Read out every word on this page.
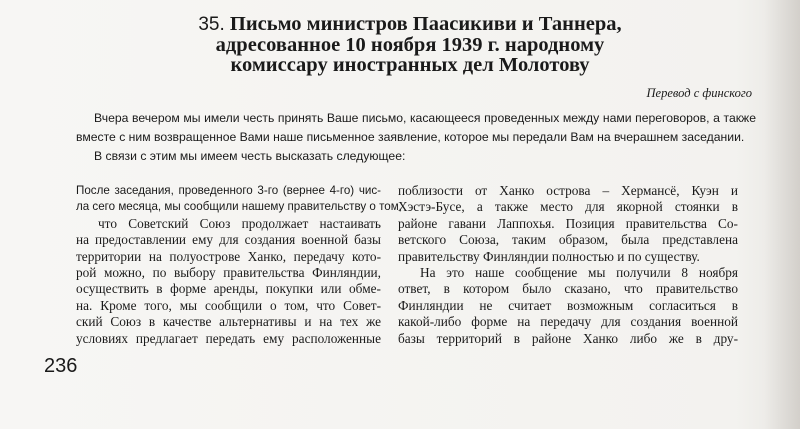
35. Письмо министров Паасикиви и Таннера,
адресованное 10 ноября 1939 г. народному
комиссару иностранных дел Молотову
Перевод с финского

Вчера вечером мы имели честь принять Ваше письмо, касающееся проведенных между нами переговоров, а также вместе с ним возвращенное Вами наше письменное заявление, которое мы передали Вам на вчерашнем заседании.

В связи с этим мы имеем честь высказать следующее:

После заседания, проведенного 3-го (вернее 4-го) чис-
ла сего месяца, мы сообщили нашему правительству о том,
что Советский Союз продолжает настаивать
на предоставлении ему для создания военной базы
территории на полуострове Ханко, передачу кото-
рой можно, по выбору правительства Финляндии,
осуществить в форме аренды, покупки или обме-
на. Кроме того, мы сообщили о том, что Совет-
ский Союз в качестве альтернативы и на тех же
условиях предлагает передать ему расположенные
поблизости от Ханко острова – Хермансё, Куэн и
Хэстэ-Бусе, а также место для якорной стоянки в
районе гавани Лаппохья. Позиция правительства Со-
ветского Союза, таким образом, была представлена
правительству Финляндии полностью и по существу.
На это наше сообщение мы получили 8 ноября
ответ, в котором было сказано, что правительство
Финляндии не считает возможным согласиться в
какой-либо форме на передачу для создания военной
базы территорий в районе Ханко либо же в дру-
236
